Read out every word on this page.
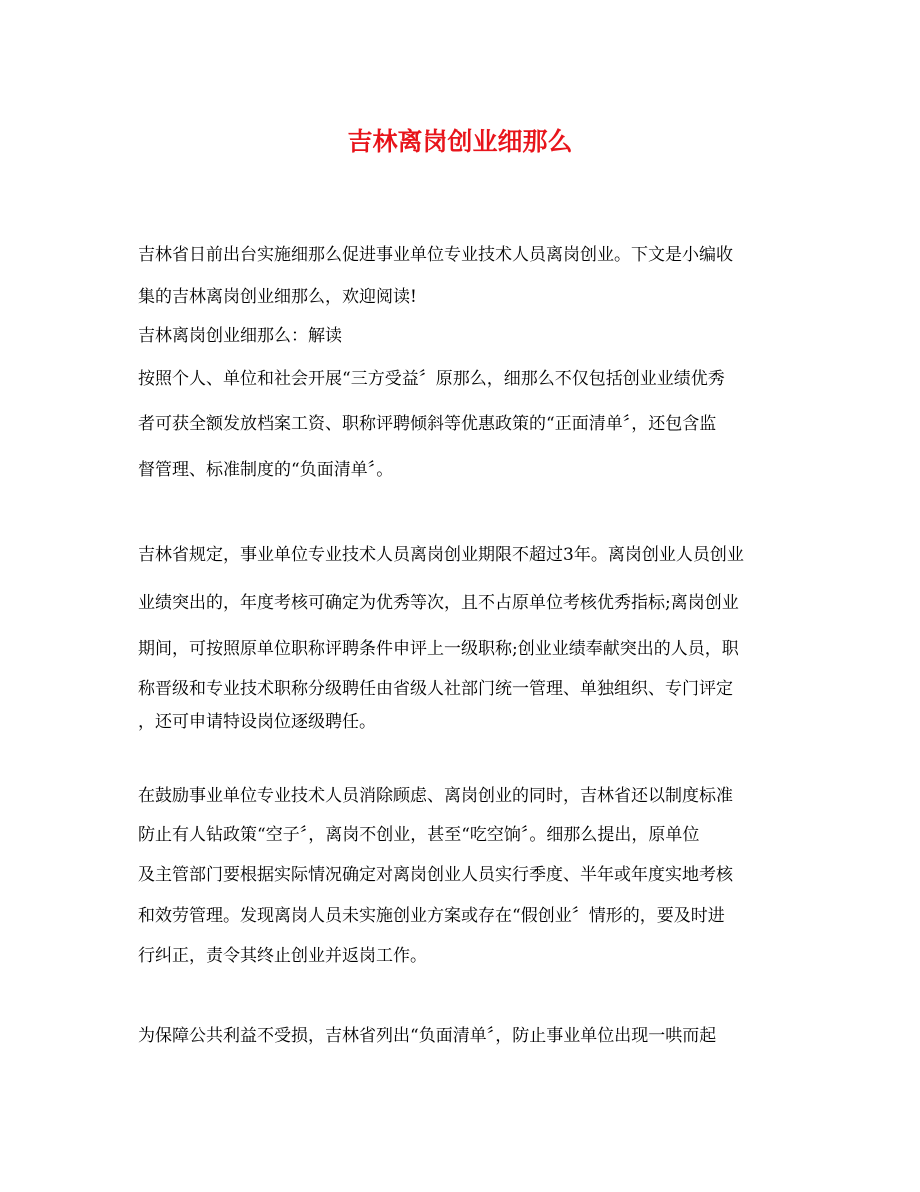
吉林离岗创业细那么
吉林省日前出台实施细那么促进事业单位专业技术人员离岗创业。下文是小编收
集的吉林离岗创业细那么，欢迎阅读!
吉林离岗创业细那么：解读
按照个人、单位和社会开展“三方受益〞原那么，细那么不仅包括创业业绩优秀
者可获全额发放档案工资、职称评聘倾斜等优惠政策的“正面清单〞，还包含监
督管理、标准制度的“负面清单〞。
吉林省规定，事业单位专业技术人员离岗创业期限不超过3年。离岗创业人员创业
业绩突出的，年度考核可确定为优秀等次，且不占原单位考核优秀指标;离岗创业
期间，可按照原单位职称评聘条件申评上一级职称;创业业绩奉献突出的人员，职
称晋级和专业技术职称分级聘任由省级人社部门统一管理、单独组织、专门评定
，还可申请特设岗位逐级聘任。
在鼓励事业单位专业技术人员消除顾虑、离岗创业的同时，吉林省还以制度标准
防止有人钻政策“空子〞，离岗不创业，甚至“吃空饷〞。细那么提出，原单位
及主管部门要根据实际情况确定对离岗创业人员实行季度、半年或年度实地考核
和效劳管理。发现离岗人员未实施创业方案或存在“假创业〞情形的，要及时进
行纠正，责令其终止创业并返岗工作。
为保障公共利益不受损，吉林省列出“负面清单〞，防止事业单位出现一哄而起
